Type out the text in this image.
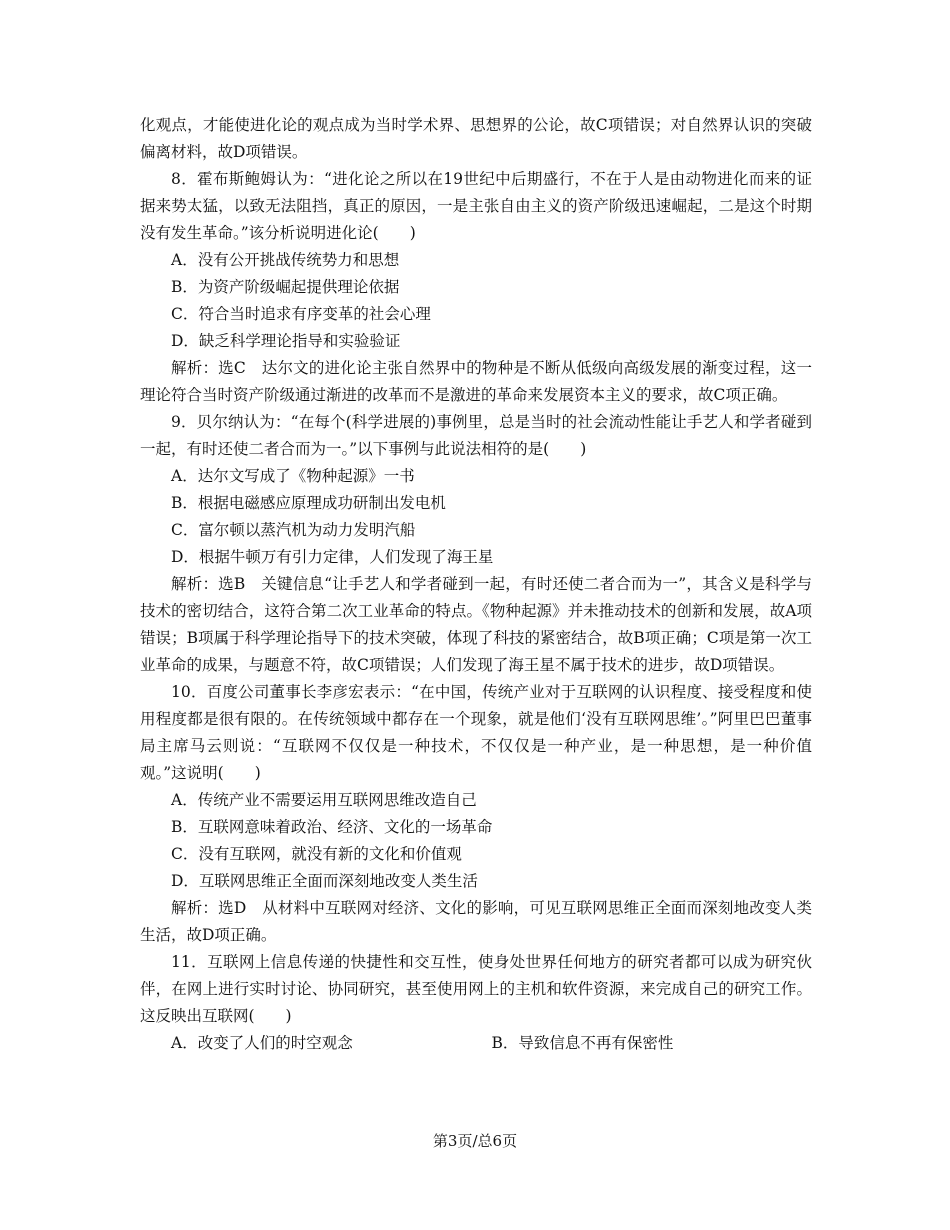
化观点，才能使进化论的观点成为当时学术界、思想界的公论，故C项错误；对自然界认识的突破偏离材料，故D项错误。

8．霍布斯鲍姆认为：“进化论之所以在19世纪中后期盛行，不在于人是由动物进化而来的证据来势太猛，以致无法阻挡，真正的原因，一是主张自由主义的资产阶级迅速崛起，二是这个时期没有发生革命。”该分析说明进化论(　　)

A．没有公开挑战传统势力和思想

B．为资产阶级崛起提供理论依据

C．符合当时追求有序变革的社会心理

D．缺乏科学理论指导和实验验证

解析：选C　达尔文的进化论主张自然界中的物种是不断从低级向高级发展的渐变过程，这一理论符合当时资产阶级通过渐进的改革而不是激进的革命来发展资本主义的要求，故C项正确。

9．贝尔纳认为：“在每个(科学进展的)事例里，总是当时的社会流动性能让手艺人和学者碰到一起，有时还使二者合而为一。”以下事例与此说法相符的是(　　)

A．达尔文写成了《物种起源》一书

B．根据电磁感应原理成功研制出发电机

C．富尔顿以蒸汽机为动力发明汽船

D．根据牛顿万有引力定律，人们发现了海王星

解析：选B　关键信息“让手艺人和学者碰到一起，有时还使二者合而为一”，其含义是科学与技术的密切结合，这符合第二次工业革命的特点。《物种起源》并未推动技术的创新和发展，故A项错误；B项属于科学理论指导下的技术突破，体现了科技的紧密结合，故B项正确；C项是第一次工业革命的成果，与题意不符，故C项错误；人们发现了海王星不属于技术的进步，故D项错误。

10．百度公司董事长李彦宏表示：“在中国，传统产业对于互联网的认识程度、接受程度和使用程度都是很有限的。在传统领域中都存在一个现象，就是他们‘没有互联网思维’。”阿里巴巴董事局主席马云则说：“互联网不仅仅是一种技术，不仅仅是一种产业，是一种思想，是一种价值观。”这说明(　　)

A．传统产业不需要运用互联网思维改造自己

B．互联网意味着政治、经济、文化的一场革命

C．没有互联网，就没有新的文化和价值观

D．互联网思维正全面而深刻地改变人类生活

解析：选D　从材料中互联网对经济、文化的影响，可见互联网思维正全面而深刻地改变人类生活，故D项正确。

11．互联网上信息传递的快捷性和交互性，使身处世界任何地方的研究者都可以成为研究伙伴，在网上进行实时讨论、协同研究，甚至使用网上的主机和软件资源，来完成自己的研究工作。这反映出互联网(　　)

A．改变了人们的时空观念	B．导致信息不再有保密性
第3页/总6页
